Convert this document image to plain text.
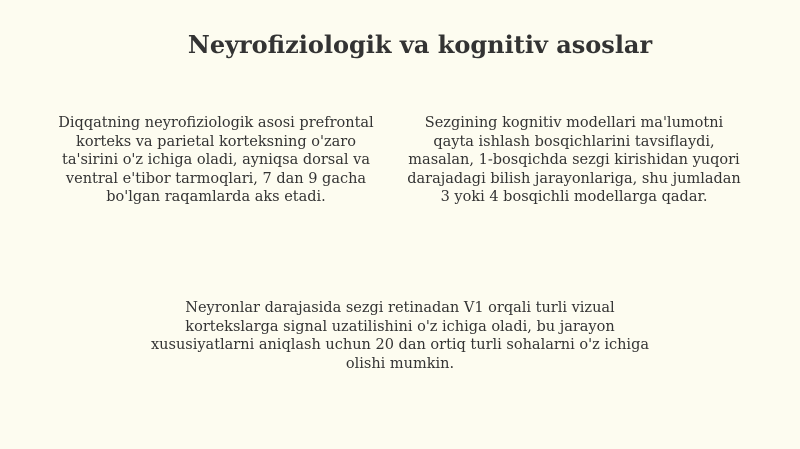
Neyrofiziologik va kognitiv asoslar

Diqqatning neyrofiziologik asosi prefrontal korteks va parietal korteksning o'zaro ta'sirini o'z ichiga oladi, ayniqsa dorsal va ventral e'tibor tarmoqlari, 7 dan 9 gacha bo'lgan raqamlarda aks etadi.

Sezgining kognitiv modellari ma'lumotni qayta ishlash bosqichlarini tavsiflaydi, masalan, 1-bosqichda sezgi kirishidan yuqori darajadagi bilish jarayonlariga, shu jumladan 3 yoki 4 bosqichli modellarga qadar.

Neyronlar darajasida sezgi retinadan V1 orqali turli vizual kortekslarga signal uzatilishini o'z ichiga oladi, bu jarayon xususiyatlarni aniqlash uchun 20 dan ortiq turli sohalarni o'z ichiga olishi mumkin.
